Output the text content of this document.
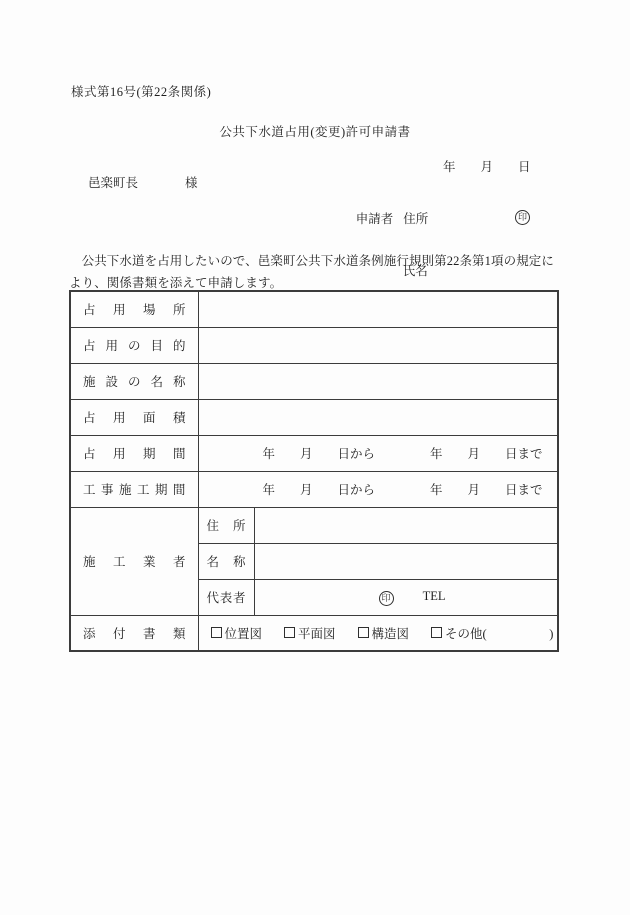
様式第16号(第22条関係)
公共下水道占用(変更)許可申請書
年　　月　　日
邑楽町長	様

申請者 住所

氏名

印
　公共下水道を占用したいので、邑楽町公共下水道条例施行規則第22条第1項の規定により、関係書類を添えて申請します。
占 用 場 所		

占 用 の 目 的		

施 設 の 名 称		

占 用 面 積		

占 用 期 間	年　　月　　日から 年　　月　　日まで	

工 事 施 工 期 間	年　　月　　日から	年　　月　　日まで

施 工 業 者	住 所	

	名 称	

	代 表 者	印 TEL

添 付 書 類	位置図 平面図 構造図 その他(　　　　　)	
